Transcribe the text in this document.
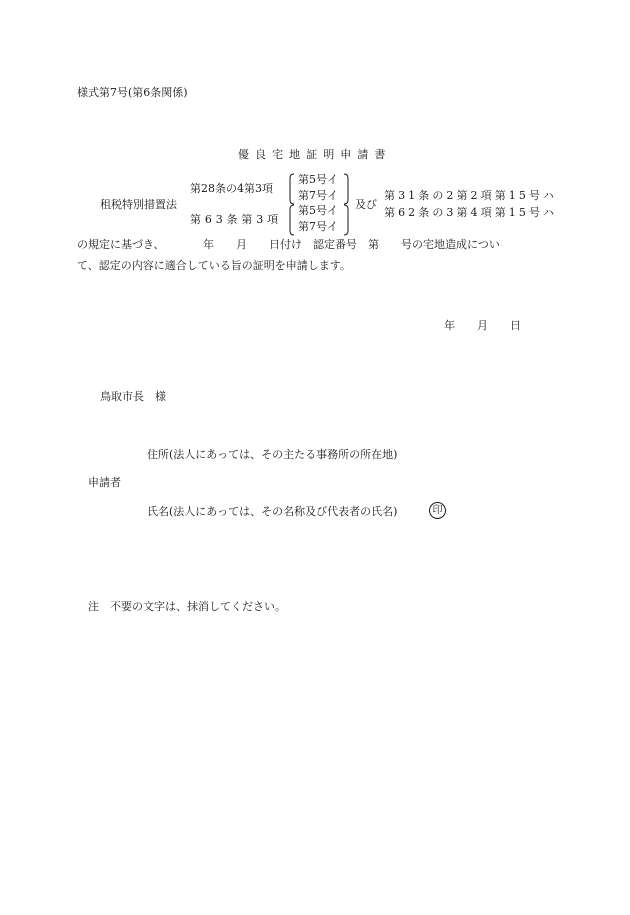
様式第7号(第6条関係)
優良宅地証明申請書
租税特別措置法
第28条の4第3項
第63条第3項
第5号イ
第7号イ
第5号イ
第7号イ
及び
第31条の2第2項第15号ハ
第62条の3第4項第15号ハ
の規定に基づき、　　　　年　　月　　日付け　認定番号　第　　号の宅地造成につい
て、認定の内容に適合している旨の証明を申請します。
年　　月　　日
鳥取市長　様
住所(法人にあっては、その主たる事務所の所在地)
申請者
氏名(法人にあっては、その名称及び代表者の氏名)	印
注　不要の文字は、抹消してください。
